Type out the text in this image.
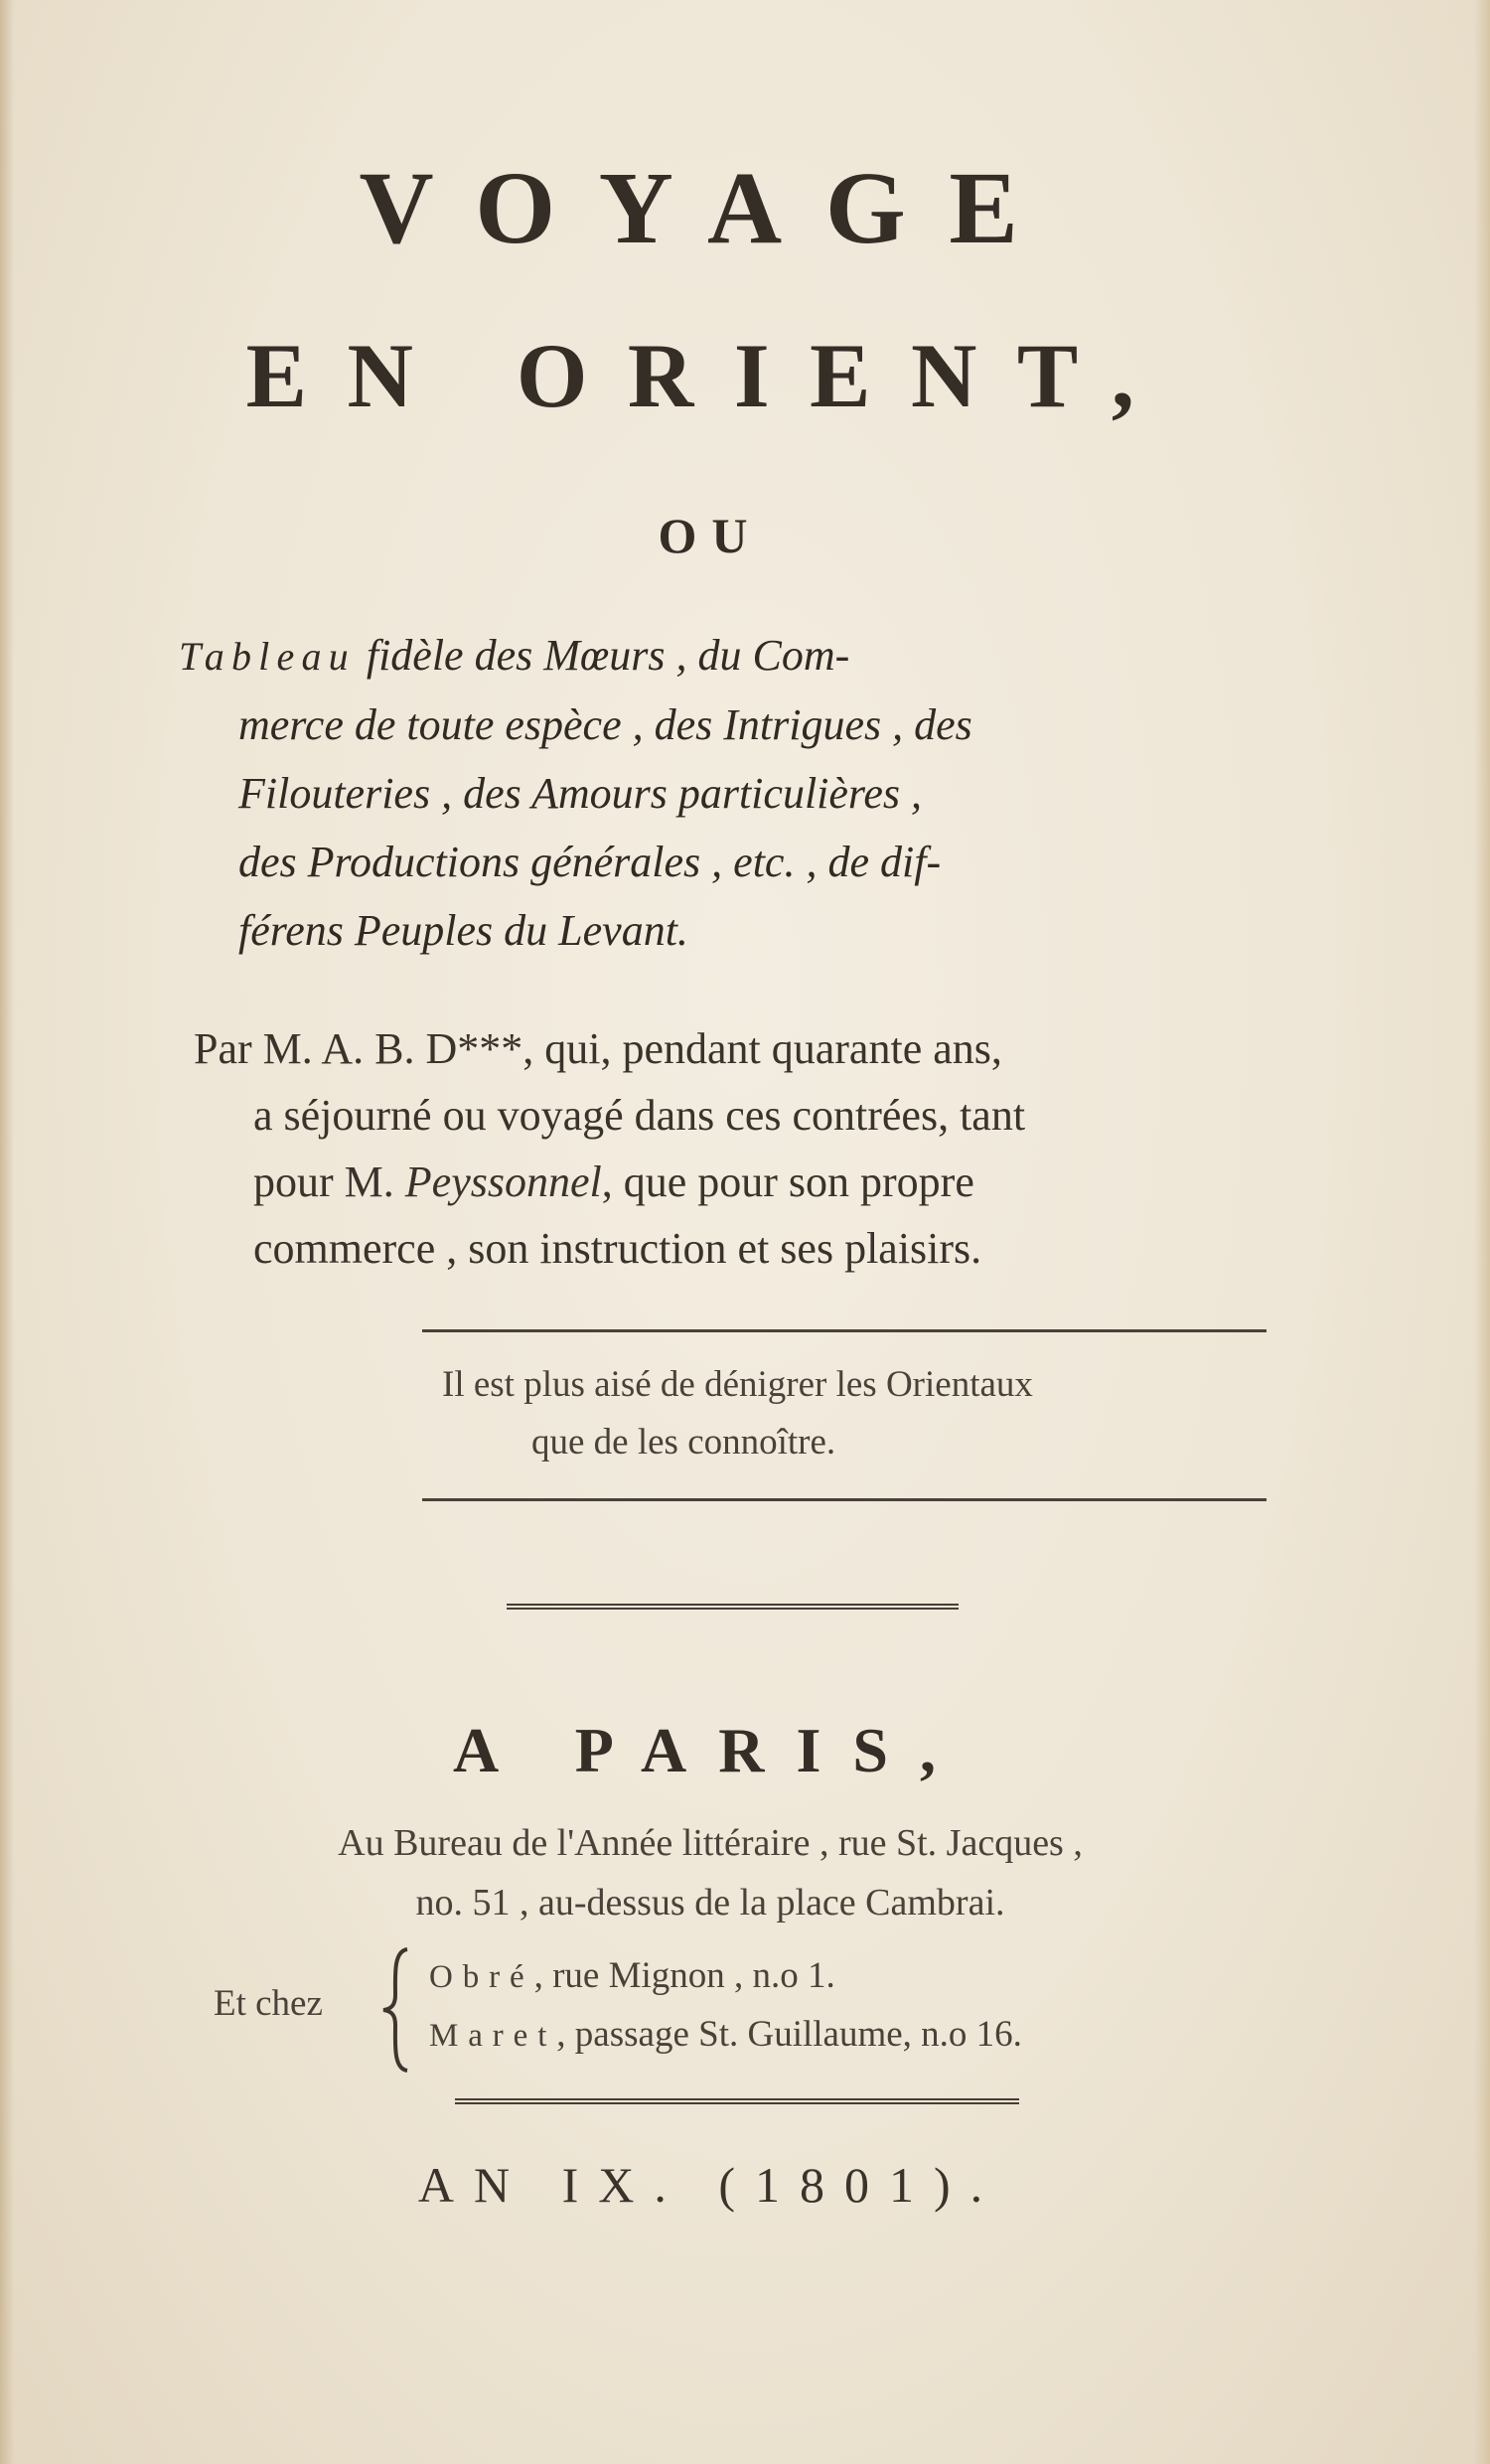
VOYAGE
EN ORIENT,
OU
Tableau fidèle des Mœurs , du Com-
merce de toute espèce , des Intrigues , des
Filouteries , des Amours particulières ,
des Productions générales , etc. , de dif-
férens Peuples du Levant.
Par M. A. B. D***, qui, pendant quarante ans,
a séjourné ou voyagé dans ces contrées, tant
pour M. Peyssonnel, que pour son propre
commerce , son instruction et ses plaisirs.
Il est plus aisé de dénigrer les Orientaux
que de les connoître.
A PARIS,
Au Bureau de l'Année littéraire , rue St. Jacques ,
no. 51 , au-dessus de la place Cambrai.
Et chez
Obré, rue Mignon , n.o 1.
Maret, passage St. Guillaume, n.o 16.
AN IX. (1801).
